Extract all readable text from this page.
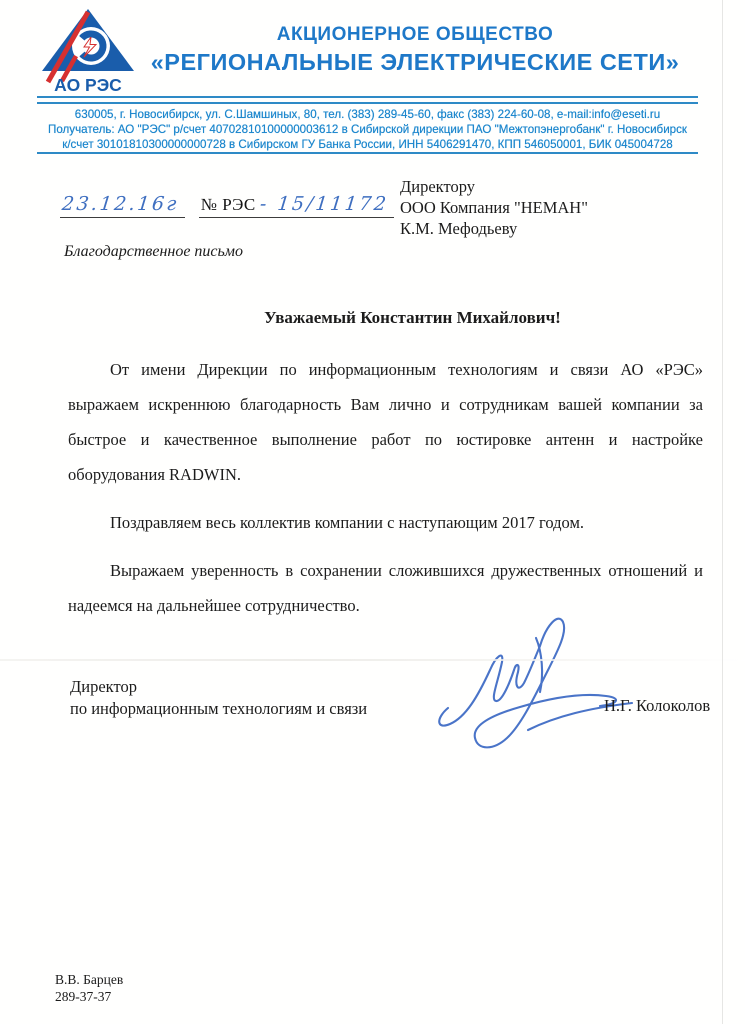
АО РЭС
АКЦИОНЕРНОЕ ОБЩЕСТВО
«РЕГИОНАЛЬНЫЕ ЭЛЕКТРИЧЕСКИЕ СЕТИ»
630005, г. Новосибирск, ул. С.Шамшиных, 80, тел. (383) 289-45-60, факс (383) 224-60-08, e-mail:info@eseti.ru
Получатель: АО "РЭС" р/счет 40702810100000003612 в Сибирской дирекции ПАО "Межтопэнергобанк" г. Новосибирск
к/счет 30101810300000000728 в Сибирском ГУ Банка России, ИНН 5406291470, КПП 546050001, БИК 045004728
23.12.16г № РЭС - 15/11172
Директору
ООО Компания "НЕМАН"
К.М. Мефодьеву
Благодарственное письмо
Уважаемый Константин Михайлович!

От имени Дирекции по информационным технологиям и связи АО «РЭС» выражаем искреннюю благодарность Вам лично и сотрудникам вашей компании за быстрое и качественное выполнение работ по юстировке антенн и настройке оборудования RADWIN.

Поздравляем весь коллектив компании с наступающим 2017 годом.

Выражаем уверенность в сохранении сложившихся дружественных отношений и надеемся на дальнейшее сотрудничество.

Директор
по информационным технологиям и связи	Н.Г. Колоколов
В.В. Барцев
289-37-37
